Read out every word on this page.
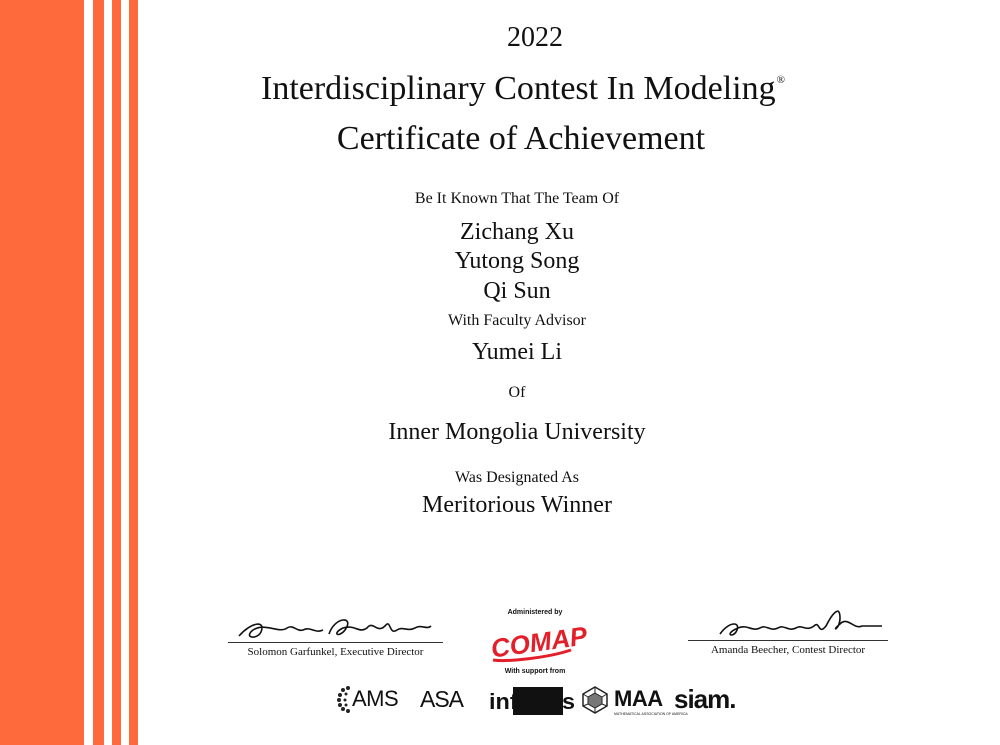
2022
Interdisciplinary Contest In Modeling®
Certificate of Achievement
Be It Known That The Team Of
Zichang Xu
Yutong Song
Qi Sun
With Faculty Advisor
Yumei Li
Of
Inner Mongolia University
Was Designated As
Meritorious Winner
Solomon Garfunkel, Executive Director	Amanda Beecher, Contest Director
Administered by
COMAP
With support from
AMS ASA informs MAA
MATHEMATICAL ASSOCIATION OF AMERICA
siam.
